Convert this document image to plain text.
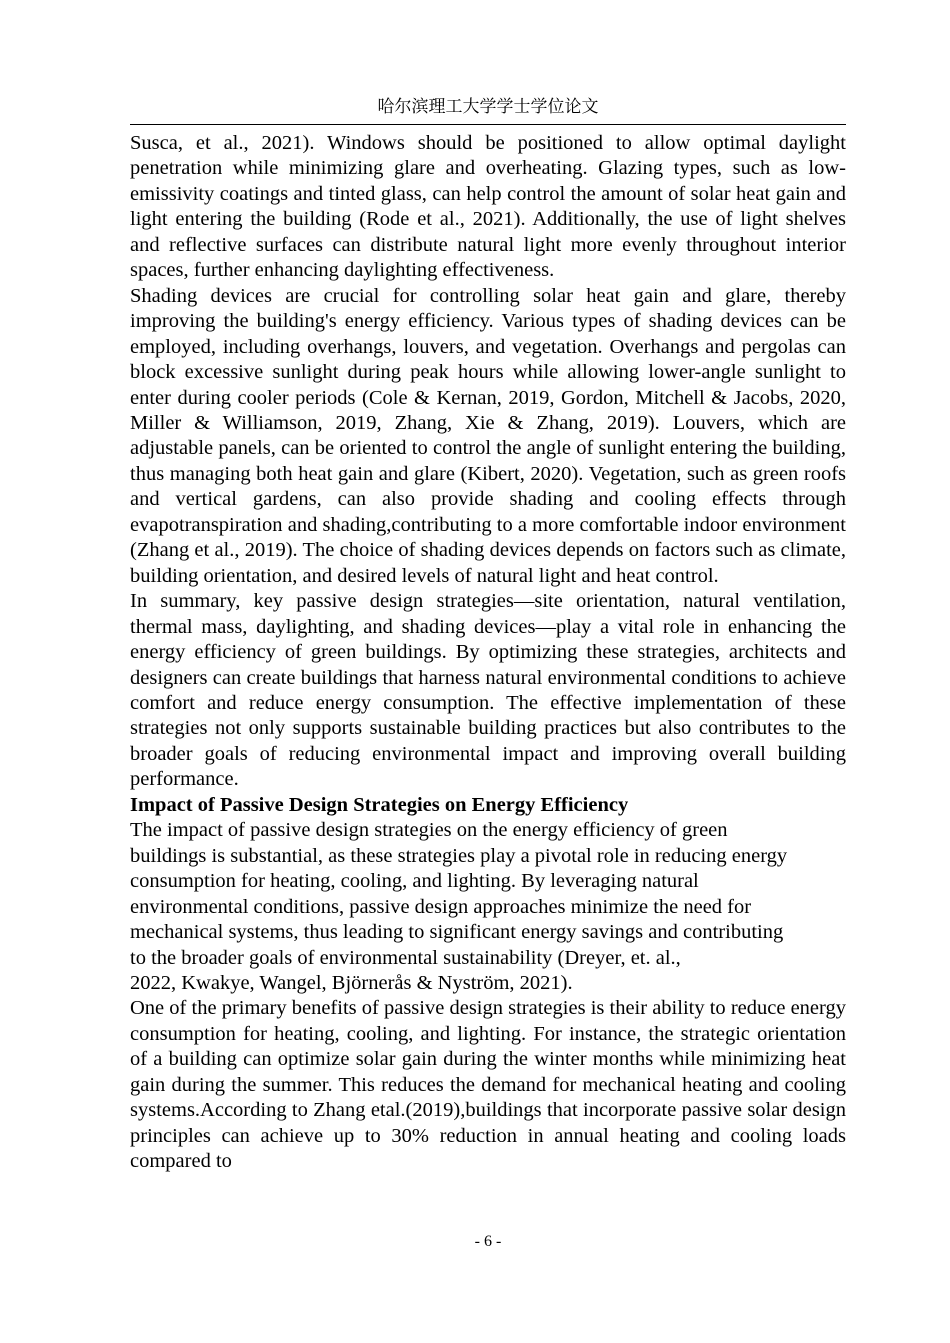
哈尔滨理工大学学士学位论文

Susca, et al., 2021). Windows should be positioned to allow optimal daylight penetration while minimizing glare and overheating. Glazing types, such as low-emissivity coatings and tinted glass, can help control the amount of solar heat gain and light entering the building (Rode et al., 2021). Additionally, the use of light shelves and reflective surfaces can distribute natural light more evenly throughout interior spaces, further enhancing daylighting effectiveness.

Shading devices are crucial for controlling solar heat gain and glare, thereby improving the building's energy efficiency. Various types of shading devices can be employed, including overhangs, louvers, and vegetation. Overhangs and pergolas can block excessive sunlight during peak hours while allowing lower-angle sunlight to enter during cooler periods (Cole & Kernan, 2019, Gordon, Mitchell & Jacobs, 2020, Miller & Williamson, 2019, Zhang, Xie & Zhang, 2019). Louvers, which are adjustable panels, can be oriented to control the angle of sunlight entering the building, thus managing both heat gain and glare (Kibert, 2020). Vegetation, such as green roofs and vertical gardens, can also provide shading and cooling effects through evapotranspiration and shading,contributing to a more comfortable indoor environment (Zhang et al., 2019). The choice of shading devices depends on factors such as climate, building orientation, and desired levels of natural light and heat control.

In summary, key passive design strategies—site orientation, natural ventilation, thermal mass, daylighting, and shading devices—play a vital role in enhancing the energy efficiency of green buildings. By optimizing these strategies, architects and designers can create buildings that harness natural environmental conditions to achieve comfort and reduce energy consumption. The effective implementation of these strategies not only supports sustainable building practices but also contributes to the broader goals of reducing environmental impact and improving overall building performance.

Impact of Passive Design Strategies on Energy Efficiency

The impact of passive design strategies on the energy efficiency of green
buildings is substantial, as these strategies play a pivotal role in reducing energy
consumption for heating, cooling, and lighting. By leveraging natural
environmental conditions, passive design approaches minimize the need for
mechanical systems, thus leading to significant energy savings and contributing
to the broader goals of environmental sustainability (Dreyer, et. al.,
2022, Kwakye, Wangel, Björnerås & Nyström, 2021).

One of the primary benefits of passive design strategies is their ability to reduce energy consumption for heating, cooling, and lighting. For instance, the strategic orientation of a building can optimize solar gain during the winter months while minimizing heat gain during the summer. This reduces the demand for mechanical heating and cooling systems.According to Zhang etal.(2019),buildings that incorporate passive solar design principles can achieve up to 30% reduction in annual heating and cooling loads compared to

- 6 -
